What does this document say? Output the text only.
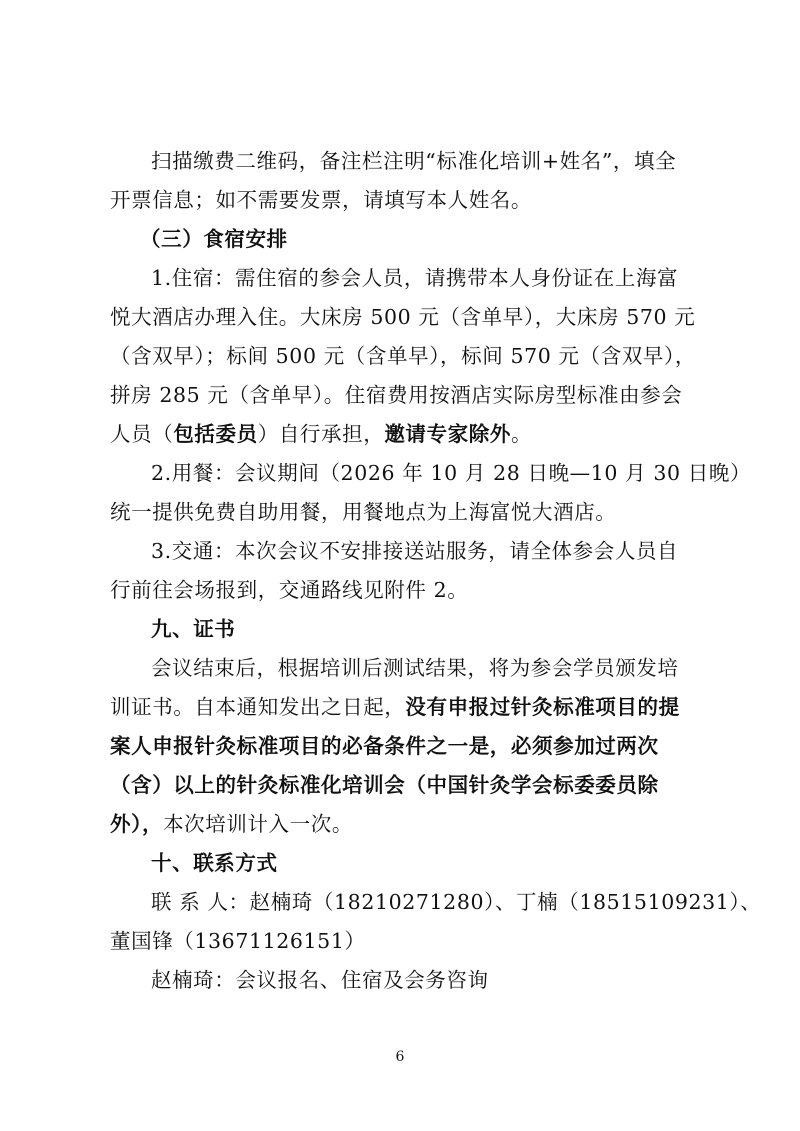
扫描缴费二维码，备注栏注明“标准化培训+姓名”，填全
开票信息；如不需要发票，请填写本人姓名。
（三）食宿安排
1.住宿：需住宿的参会人员，请携带本人身份证在上海富
悦大酒店办理入住。大床房 500 元（含单早），大床房 570 元
（含双早）；标间 500 元（含单早），标间 570 元（含双早），
拼房 285 元（含单早）。住宿费用按酒店实际房型标准由参会
人员（包括委员）自行承担，邀请专家除外。
2.用餐：会议期间（2026 年 10 月 28 日晚—10 月 30 日晚）
统一提供免费自助用餐，用餐地点为上海富悦大酒店。
3.交通：本次会议不安排接送站服务，请全体参会人员自
行前往会场报到，交通路线见附件 2。
九、证书
会议结束后，根据培训后测试结果，将为参会学员颁发培
训证书。自本通知发出之日起，没有申报过针灸标准项目的提
案人申报针灸标准项目的必备条件之一是，必须参加过两次
（含）以上的针灸标准化培训会（中国针灸学会标委委员除
外），本次培训计入一次。
十、联系方式
联 系 人：赵楠琦（18210271280）、丁楠（18515109231）、
董国锋（13671126151）
赵楠琦：会议报名、住宿及会务咨询
6
